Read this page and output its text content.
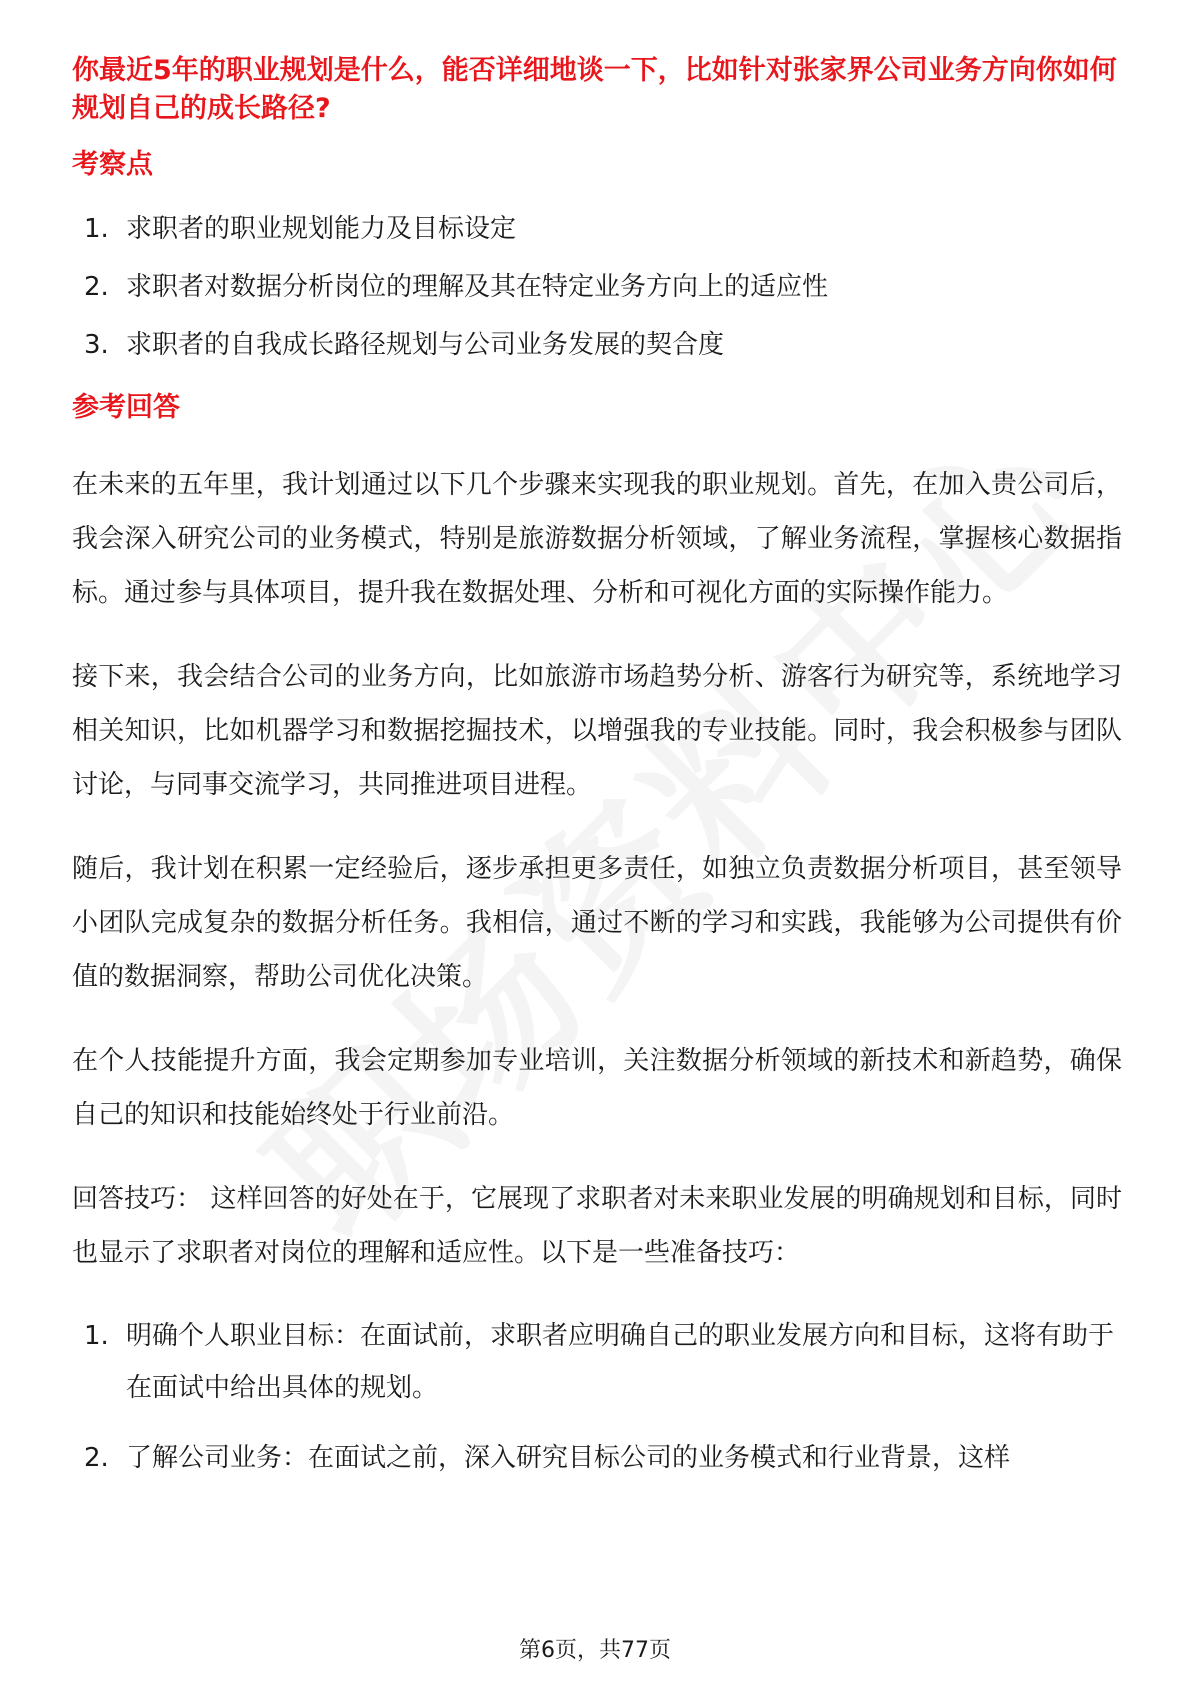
你最近5年的职业规划是什么，能否详细地谈一下，比如针对张家界公司业务方向你如何规划自己的成长路径?

考察点

1. 求职者的职业规划能力及目标设定
2. 求职者对数据分析岗位的理解及其在特定业务方向上的适应性
3. 求职者的自我成长路径规划与公司业务发展的契合度

参考回答

在未来的五年里，我计划通过以下几个步骤来实现我的职业规划。首先，在加入贵公司后，我会深入研究公司的业务模式，特别是旅游数据分析领域，了解业务流程，掌握核心数据指标。通过参与具体项目，提升我在数据处理、分析和可视化方面的实际操作能力。

接下来，我会结合公司的业务方向，比如旅游市场趋势分析、游客行为研究等，系统地学习相关知识，比如机器学习和数据挖掘技术，以增强我的专业技能。同时，我会积极参与团队讨论，与同事交流学习，共同推进项目进程。

随后，我计划在积累一定经验后，逐步承担更多责任，如独立负责数据分析项目，甚至领导小团队完成复杂的数据分析任务。我相信，通过不断的学习和实践，我能够为公司提供有价值的数据洞察，帮助公司优化决策。

在个人技能提升方面，我会定期参加专业培训，关注数据分析领域的新技术和新趋势，确保自己的知识和技能始终处于行业前沿。

回答技巧： 这样回答的好处在于，它展现了求职者对未来职业发展的明确规划和目标，同时也显示了求职者对岗位的理解和适应性。以下是一些准备技巧：

1. 明确个人职业目标：在面试前，求职者应明确自己的职业发展方向和目标，这将有助于在面试中给出具体的规划。
2. 了解公司业务：在面试之前，深入研究目标公司的业务模式和行业背景，这样
第6页，共77页
